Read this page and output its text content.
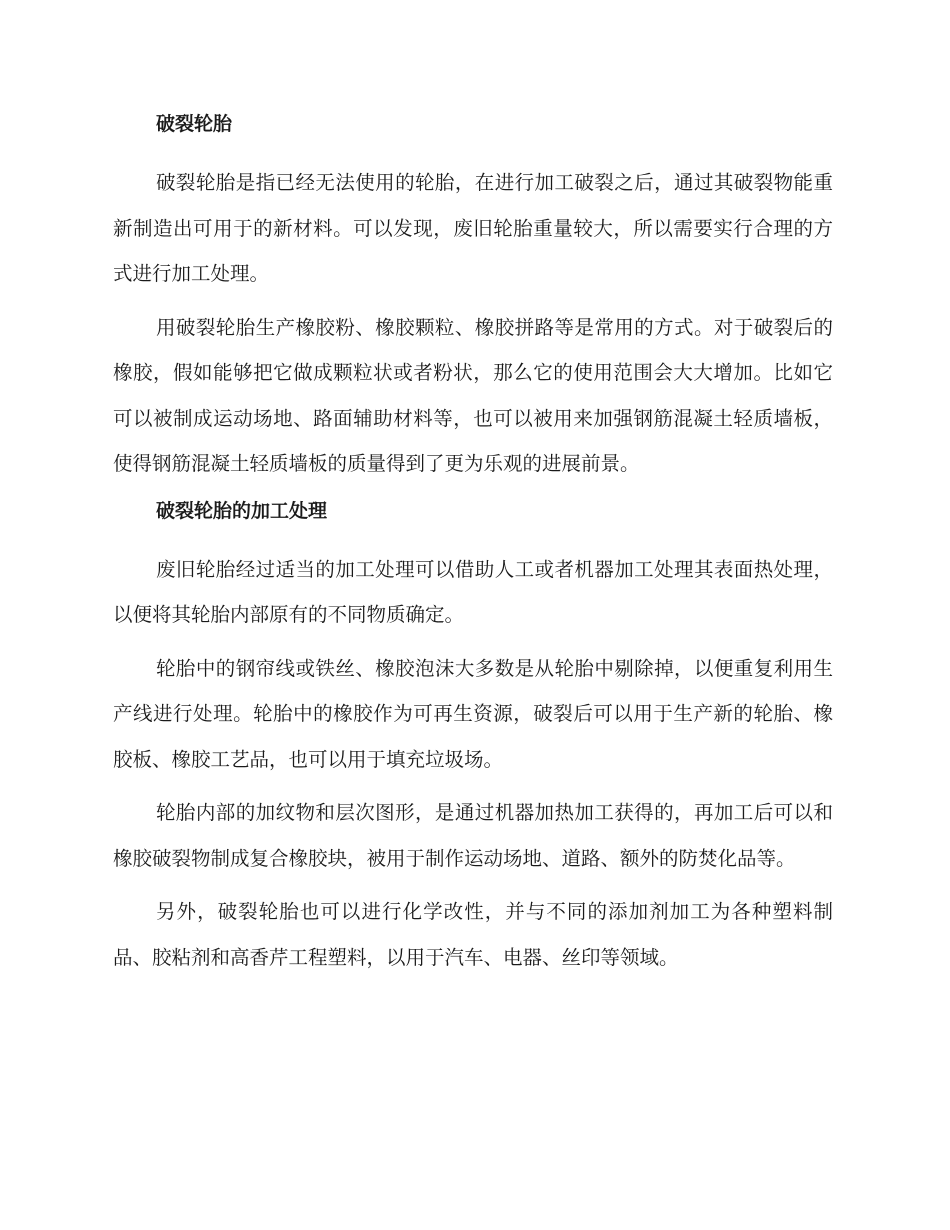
破裂轮胎

破裂轮胎是指已经无法使用的轮胎，在进行加工破裂之后，通过其破裂物能重新制造出可用于的新材料。可以发现，废旧轮胎重量较大，所以需要实行合理的方式进行加工处理。

用破裂轮胎生产橡胶粉、橡胶颗粒、橡胶拼路等是常用的方式。对于破裂后的橡胶，假如能够把它做成颗粒状或者粉状，那么它的使用范围会大大增加。比如它可以被制成运动场地、路面辅助材料等，也可以被用来加强钢筋混凝土轻质墙板，使得钢筋混凝土轻质墙板的质量得到了更为乐观的进展前景。

破裂轮胎的加工处理

废旧轮胎经过适当的加工处理可以借助人工或者机器加工处理其表面热处理，以便将其轮胎内部原有的不同物质确定。

轮胎中的钢帘线或铁丝、橡胶泡沫大多数是从轮胎中剔除掉，以便重复利用生产线进行处理。轮胎中的橡胶作为可再生资源，破裂后可以用于生产新的轮胎、橡胶板、橡胶工艺品，也可以用于填充垃圾场。

轮胎内部的加纹物和层次图形，是通过机器加热加工获得的，再加工后可以和橡胶破裂物制成复合橡胶块，被用于制作运动场地、道路、额外的防焚化品等。

另外，破裂轮胎也可以进行化学改性，并与不同的添加剂加工为各种塑料制品、胶粘剂和高香芹工程塑料，以用于汽车、电器、丝印等领域。
